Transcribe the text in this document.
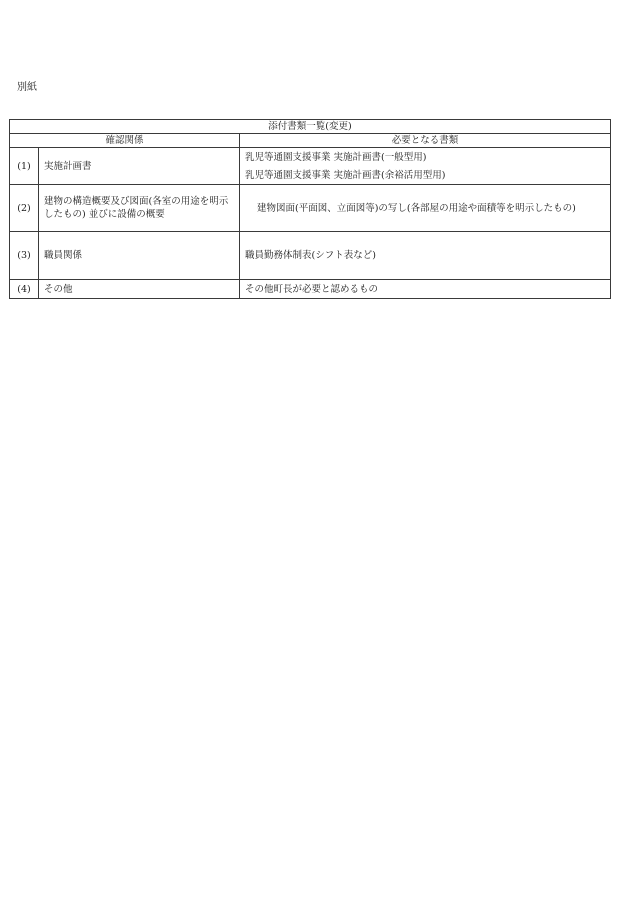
別紙
添付書類一覧(変更)		
確認関係		必要となる書類
(1)	実施計画書	乳児等通園支援事業 実施計画書(一般型用)
乳児等通園支援事業 実施計画書(余裕活用型用)

(2)	建物の構造概要及び図面(各室の用途を明示したもの) 並びに設備の概要	建物図面(平面図、立面図等)の写し(各部屋の用途や面積等を明示したもの)
(3)	職員関係	職員勤務体制表(シフト表など)
(4)	その他	その他町長が必要と認めるもの
